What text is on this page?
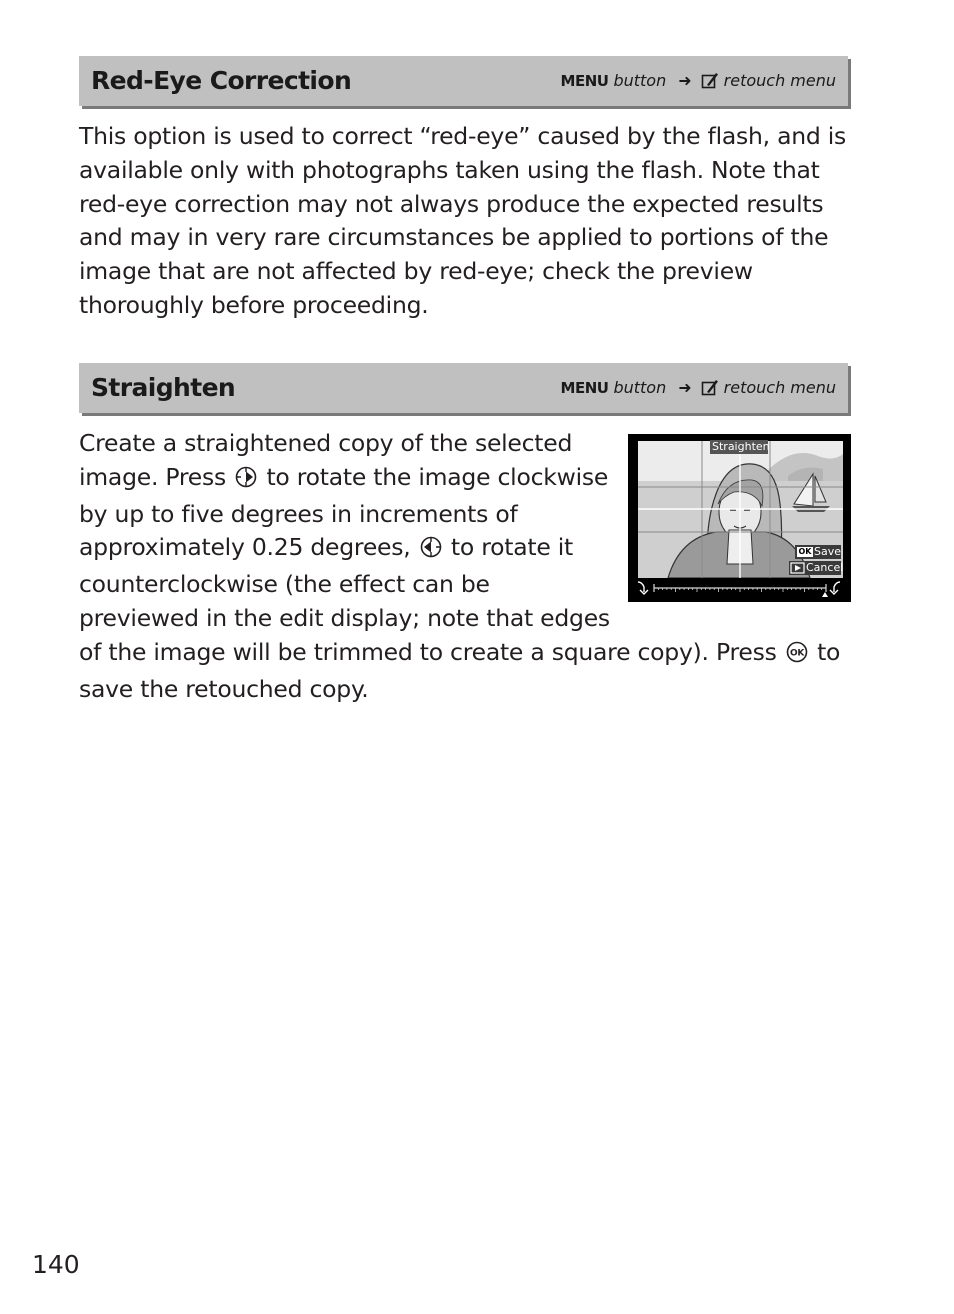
Red-Eye Correction	MENU button ➜ retouch menu

This option is used to correct “red-eye” caused by the flash, and is
available only with photographs taken using the flash. Note that
red-eye correction may not always produce the expected results
and may in very rare circumstances be applied to portions of the
image that are not affected by red-eye; check the preview
thoroughly before proceeding.

Straighten	MENU button ➜ retouch menu

Create a straightened copy of the selected
image. Press to rotate the image clockwise
by up to five degrees in increments of
approximately 0.25 degrees, to rotate it
counterclockwise (the effect can be
previewed in the edit display; note that edges
of the image will be trimmed to create a square copy). Press OK to
save the retouched copy.

Straighten
OK Save
Cancel
140
